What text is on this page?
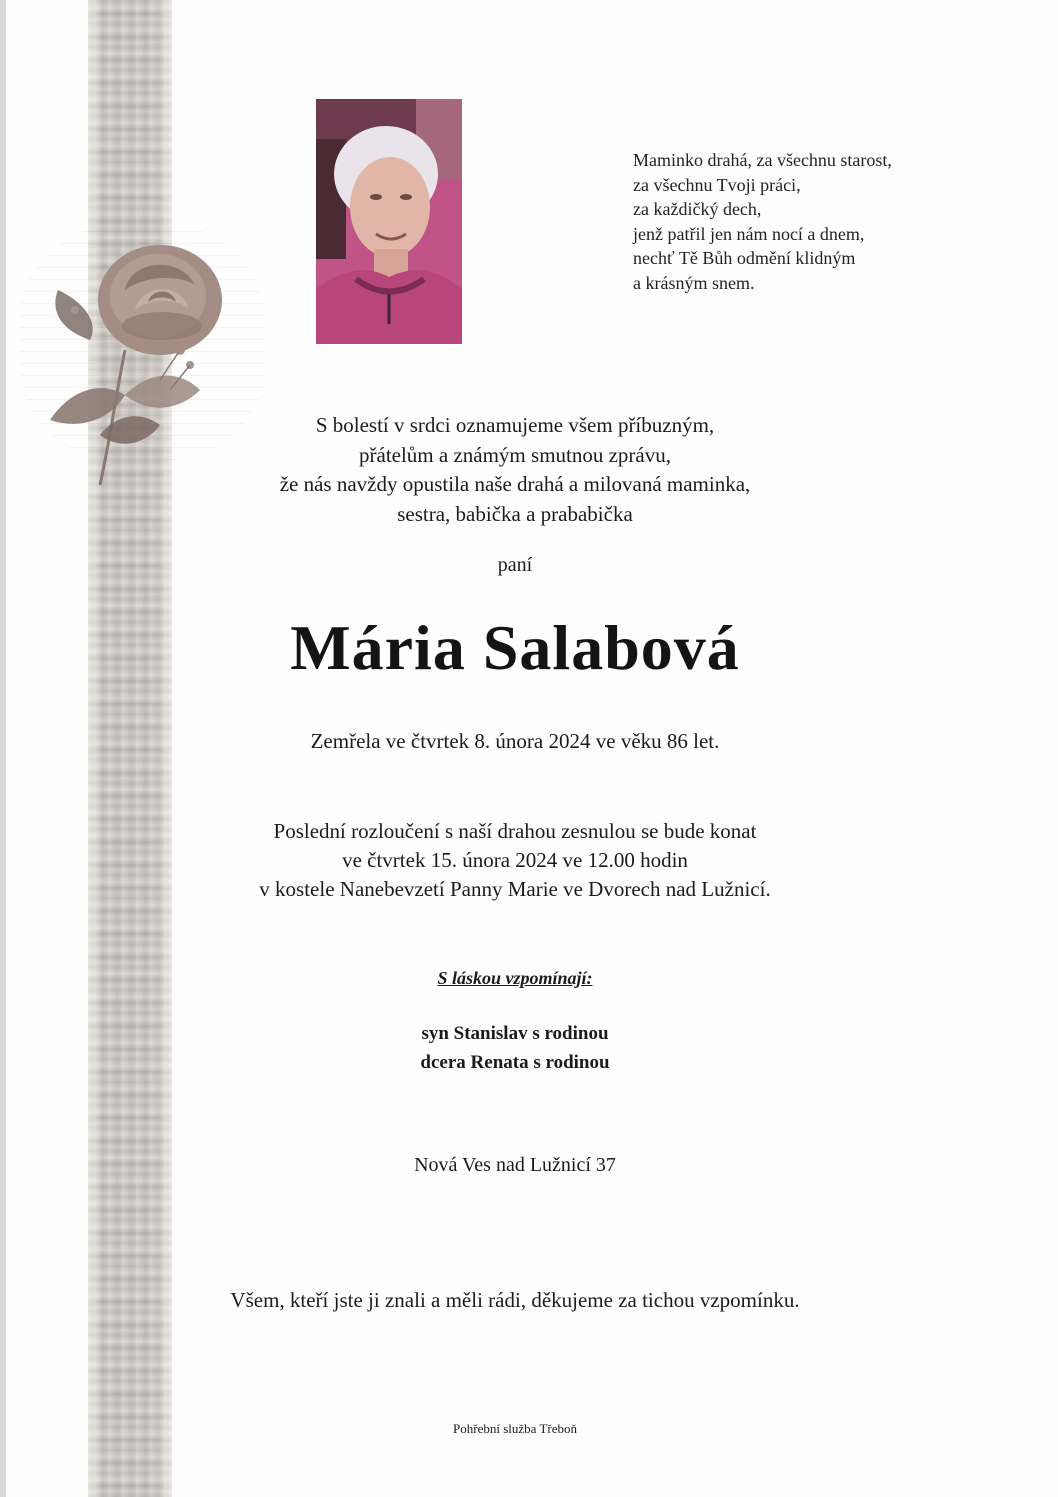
Maminko drahá, za všechnu starost,
za všechnu Tvoji práci,
za každičký dech,
jenž patřil jen nám nocí a dnem,
nechť Tě Bůh odmění klidným
a krásným snem.
S bolestí v srdci oznamujeme všem příbuzným,
přátelům a známým smutnou zprávu,
že nás navždy opustila naše drahá a milovaná maminka,
sestra, babička a prababička
paní
Mária Salabová
Zemřela ve čtvrtek 8. února 2024 ve věku 86 let.
Poslední rozloučení s naší drahou zesnulou se bude konat
ve čtvrtek 15. února 2024 ve 12.00 hodin
v kostele Nanebevzetí Panny Marie ve Dvorech nad Lužnicí.
S láskou vzpomínají:
syn Stanislav s rodinou
dcera Renata s rodinou
Nová Ves nad Lužnicí 37
Všem, kteří jste ji znali a měli rádi, děkujeme za tichou vzpomínku.
Pohřební služba Třeboň
